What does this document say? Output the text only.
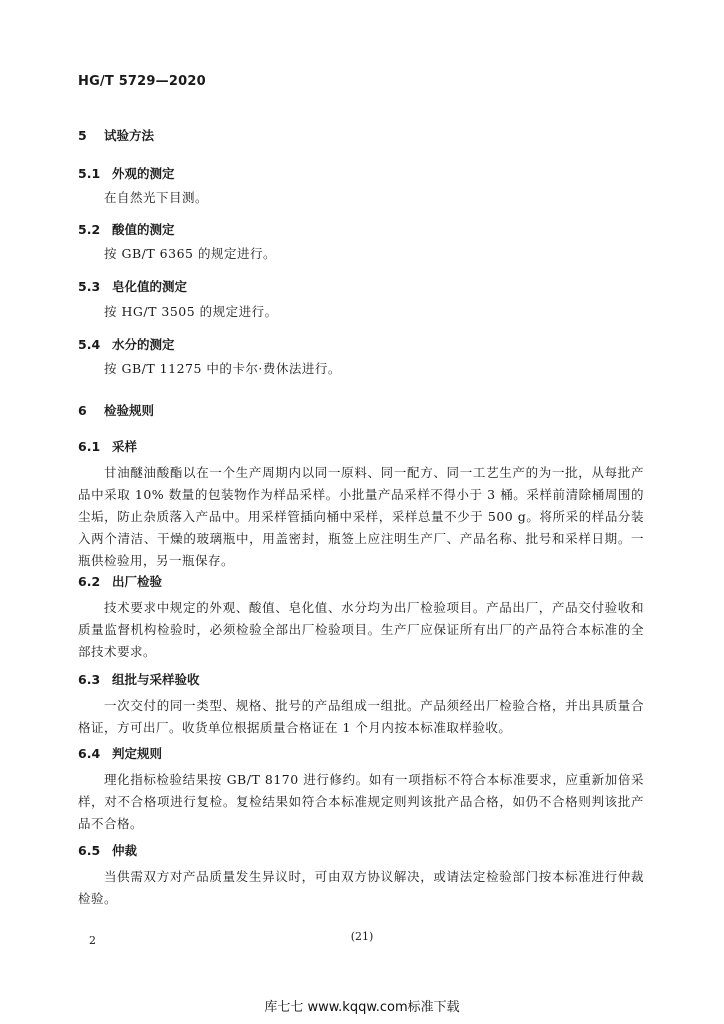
HG/T 5729—2020
5 试验方法
5.1 外观的测定
在自然光下目测。
5.2 酸值的测定
按 GB/T 6365 的规定进行。
5.3 皂化值的测定
按 HG/T 3505 的规定进行。
5.4 水分的测定
按 GB/T 11275 中的卡尔·费休法进行。
6 检验规则
6.1 采样
甘油醚油酸酯以在一个生产周期内以同一原料、同一配方、同一工艺生产的为一批，从每批产品中采取 10% 数量的包装物作为样品采样。小批量产品采样不得小于 3 桶。采样前清除桶周围的尘垢，防止杂质落入产品中。用采样管插向桶中采样，采样总量不少于 500 g。将所采的样品分装入两个清洁、干燥的玻璃瓶中，用盖密封，瓶签上应注明生产厂、产品名称、批号和采样日期。一瓶供检验用，另一瓶保存。
6.2 出厂检验
技术要求中规定的外观、酸值、皂化值、水分均为出厂检验项目。产品出厂，产品交付验收和质量监督机构检验时，必须检验全部出厂检验项目。生产厂应保证所有出厂的产品符合本标准的全部技术要求。
6.3 组批与采样验收
一次交付的同一类型、规格、批号的产品组成一组批。产品须经出厂检验合格，并出具质量合格证，方可出厂。收货单位根据质量合格证在 1 个月内按本标准取样验收。
6.4 判定规则
理化指标检验结果按 GB/T 8170 进行修约。如有一项指标不符合本标准要求，应重新加倍采样，对不合格项进行复检。复检结果如符合本标准规定则判该批产品合格，如仍不合格则判该批产品不合格。
6.5 仲裁
当供需双方对产品质量发生异议时，可由双方协议解决，或请法定检验部门按本标准进行仲裁检验。
2	(21)
库七七 www.kqqw.com标准下载
